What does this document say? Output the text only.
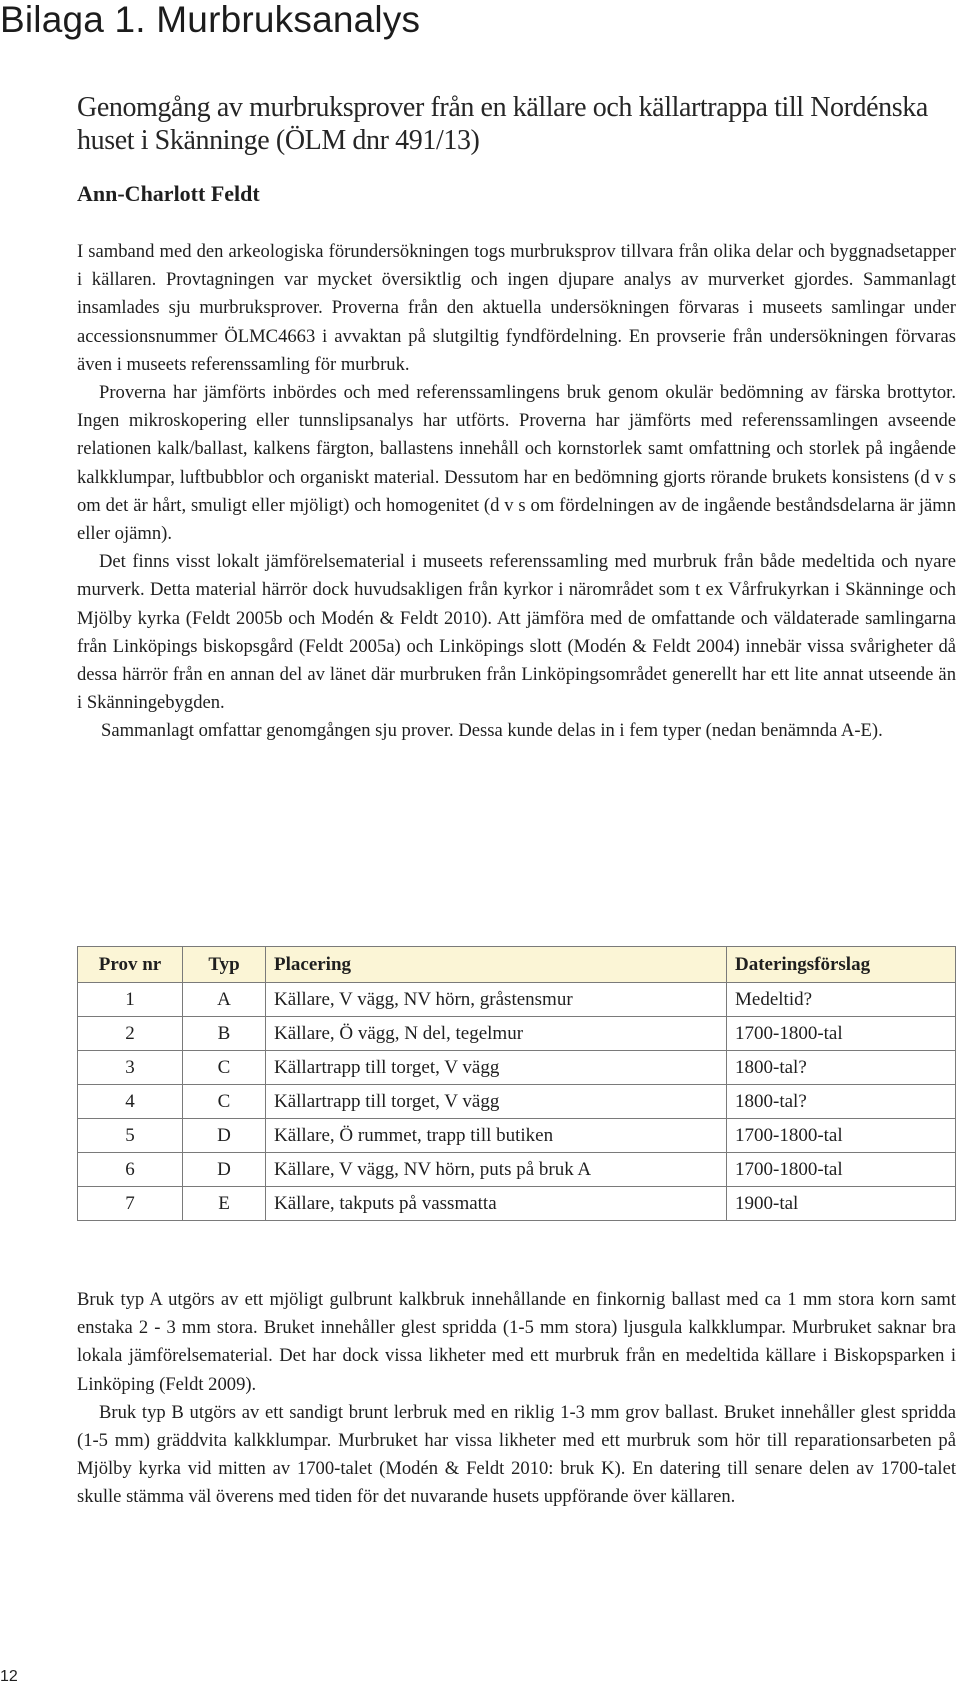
Bilaga 1. Murbruksanalys
Genomgång av murbruksprover från en källare och källartrappa till Nordénska huset i Skänninge (ÖLM dnr 491/13)
Ann-Charlott Feldt

I samband med den arkeologiska förundersökningen togs murbruksprov tillvara från olika delar och byggnadsetapper i källaren. Provtagningen var mycket översiktlig och ingen djupare analys av murverket gjordes. Sammanlagt insamlades sju murbruksprover. Proverna från den aktuella undersökningen förvaras i museets samlingar under accessionsnummer ÖLMC4663 i avvaktan på slutgiltig fyndfördelning. En provserie från undersökningen förvaras även i museets referenssamling för murbruk.

Proverna har jämförts inbördes och med referenssamlingens bruk genom okulär bedömning av färska brottytor. Ingen mikroskopering eller tunnslipsanalys har utförts. Proverna har jämförts med referenssamlingen avseende relationen kalk/ballast, kalkens färgton, ballastens innehåll och kornstorlek samt omfattning och storlek på ingående kalkklumpar, luftbubblor och organiskt material. Dessutom har en bedömning gjorts rörande brukets konsistens (d v s om det är hårt, smuligt eller mjöligt) och homogenitet (d v s om fördelningen av de ingående beståndsdelarna är jämn eller ojämn).

Det finns visst lokalt jämförelsematerial i museets referenssamling med murbruk från både medeltida och nyare murverk. Detta material härrör dock huvudsakligen från kyrkor i närområdet som t ex Vårfrukyrkan i Skänninge och Mjölby kyrka (Feldt 2005b och Modén & Feldt 2010). Att jämföra med de omfattande och väldaterade samlingarna från Linköpings biskopsgård (Feldt 2005a) och Linköpings slott (Modén & Feldt 2004) innebär vissa svårigheter då dessa härrör från en annan del av länet där murbruken från Linköpingsområdet generellt har ett lite annat utseende än i Skänningebygden.

Sammanlagt omfattar genomgången sju prover. Dessa kunde delas in i fem typer (nedan benämnda A-E).

Prov nr	Typ	Placering	Dateringsförslag
1	A	Källare, V vägg, NV hörn, gråstensmur	Medeltid?
2	B	Källare, Ö vägg, N del, tegelmur	1700-1800-tal
3	C	Källartrapp till torget, V vägg	1800-tal?
4	C	Källartrapp till torget, V vägg	1800-tal?
5	D	Källare, Ö rummet, trapp till butiken	1700-1800-tal
6	D	Källare, V vägg, NV hörn, puts på bruk A	1700-1800-tal
7	E	Källare, takputs på vassmatta	1900-tal

Bruk typ A utgörs av ett mjöligt gulbrunt kalkbruk innehållande en finkornig ballast med ca 1 mm stora korn samt enstaka 2 - 3 mm stora. Bruket innehåller glest spridda (1-5 mm stora) ljusgula kalkklumpar. Murbruket saknar bra lokala jämförelsematerial. Det har dock vissa likheter med ett murbruk från en medeltida källare i Biskopsparken i Linköping (Feldt 2009).

Bruk typ B utgörs av ett sandigt brunt lerbruk med en riklig 1-3 mm grov ballast. Bruket innehåller glest spridda (1-5 mm) gräddvita kalkklumpar. Murbruket har vissa likheter med ett murbruk som hör till reparationsarbeten på Mjölby kyrka vid mitten av 1700-talet (Modén & Feldt 2010: bruk K). En datering till senare delen av 1700-talet skulle stämma väl överens med tiden för det nuvarande husets uppförande över källaren.

12
